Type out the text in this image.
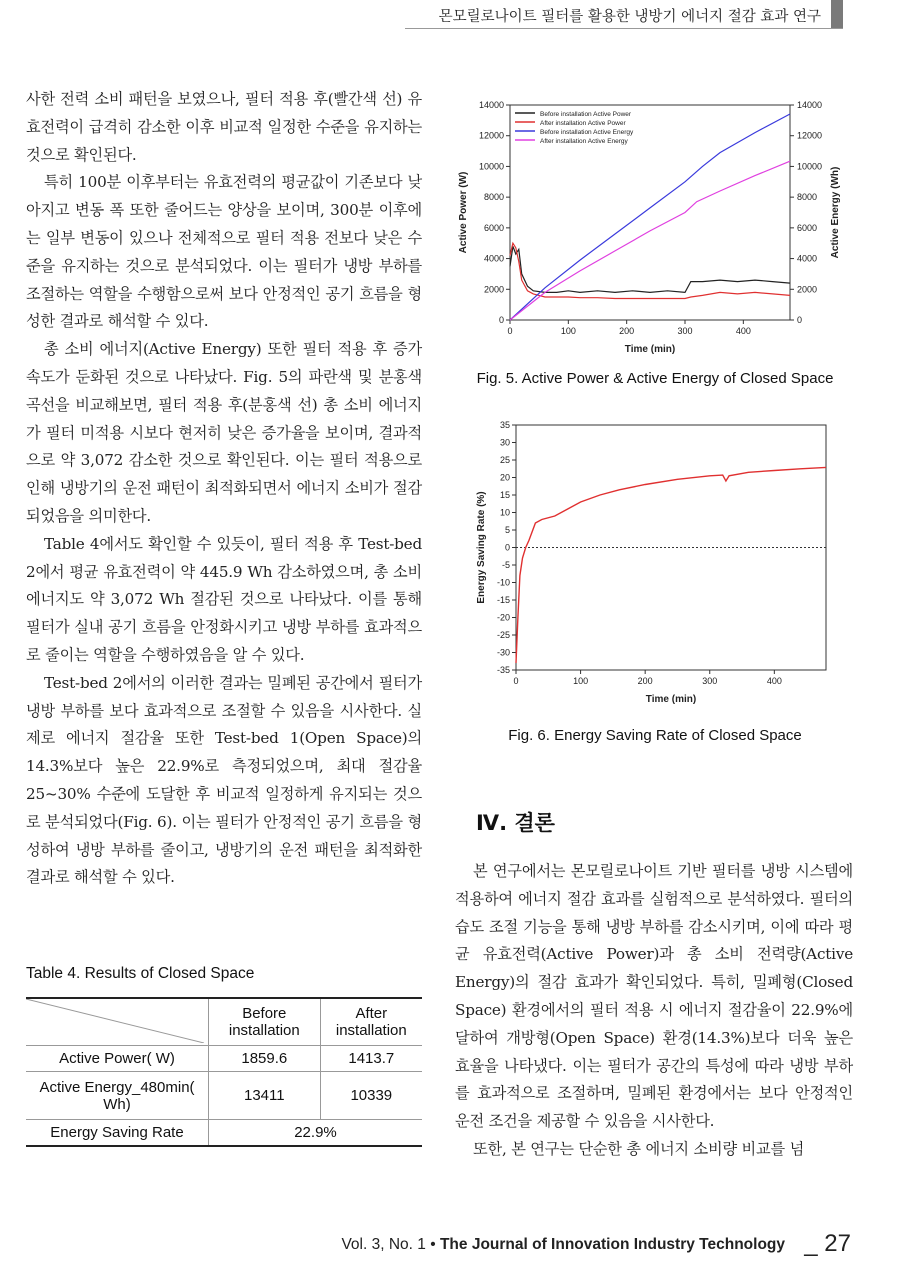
몬모릴로나이트 필터를 활용한 냉방기 에너지 절감 효과 연구

사한 전력 소비 패턴을 보였으나, 필터 적용 후(빨간색 선) 유효전력이 급격히 감소한 이후 비교적 일정한 수준을 유지하는 것으로 확인된다.

특히 100분 이후부터는 유효전력의 평균값이 기존보다 낮아지고 변동 폭 또한 줄어드는 양상을 보이며, 300분 이후에는 일부 변동이 있으나 전체적으로 필터 적용 전보다 낮은 수준을 유지하는 것으로 분석되었다. 이는 필터가 냉방 부하를 조절하는 역할을 수행함으로써 보다 안정적인 공기 흐름을 형성한 결과로 해석할 수 있다.

총 소비 에너지(Active Energy) 또한 필터 적용 후 증가 속도가 둔화된 것으로 나타났다. Fig. 5의 파란색 및 분홍색 곡선을 비교해보면, 필터 적용 후(분홍색 선) 총 소비 에너지가 필터 미적용 시보다 현저히 낮은 증가율을 보이며, 결과적으로 약 3,072 감소한 것으로 확인된다. 이는 필터 적용으로 인해 냉방기의 운전 패턴이 최적화되면서 에너지 소비가 절감되었음을 의미한다.

Table 4에서도 확인할 수 있듯이, 필터 적용 후 Test-bed 2에서 평균 유효전력이 약 445.9 Wh 감소하였으며, 총 소비 에너지도 약 3,072 Wh 절감된 것으로 나타났다. 이를 통해 필터가 실내 공기 흐름을 안정화시키고 냉방 부하를 효과적으로 줄이는 역할을 수행하였음을 알 수 있다.

Test-bed 2에서의 이러한 결과는 밀폐된 공간에서 필터가 냉방 부하를 보다 효과적으로 조절할 수 있음을 시사한다. 실제로 에너지 절감율 또한 Test-bed 1(Open Space)의 14.3%보다 높은 22.9%로 측정되었으며, 최대 절감율 25~30% 수준에 도달한 후 비교적 일정하게 유지되는 것으로 분석되었다(Fig. 6). 이는 필터가 안정적인 공기 흐름을 형성하여 냉방 부하를 줄이고, 냉방기의 운전 패턴을 최적화한 결과로 해석할 수 있다.

Table 4. Results of Closed Space
	Before installation	After installation
Active Power( W)	1859.6	1413.7
Active Energy_480min( Wh)	13411	10339
Energy Saving Rate	22.9%	
0	0
2000	2000
4000	4000
6000	6000
8000	8000
10000	10000
12000	12000
14000	14000
0	100	200	300	400
Time (min)
Active Power (W)	Active Energy (Wh)
Before installation Active Power
After installation Active Power
Before installation Active Energy
After installation Active Energy
Fig. 5. Active Power & Active Energy of Closed Space
-35
-30
-25
-20
-15
-10
-5
0
5
10
15
20
25
30
35
0	100	200	300	400
Time (min)
Energy Saving Rate (%)
Fig. 6. Energy Saving Rate of Closed Space
Ⅳ. 결론

본 연구에서는 몬모릴로나이트 기반 필터를 냉방 시스템에 적용하여 에너지 절감 효과를 실험적으로 분석하였다. 필터의 습도 조절 기능을 통해 냉방 부하를 감소시키며, 이에 따라 평균 유효전력(Active Power)과 총 소비 전력량(Active Energy)의 절감 효과가 확인되었다. 특히, 밀폐형(Closed Space) 환경에서의 필터 적용 시 에너지 절감율이 22.9%에 달하여 개방형(Open Space) 환경(14.3%)보다 더욱 높은 효율을 나타냈다. 이는 필터가 공간의 특성에 따라 냉방 부하를 효과적으로 조절하며, 밀폐된 환경에서는 보다 안정적인 운전 조건을 제공할 수 있음을 시사한다.

또한, 본 연구는 단순한 총 에너지 소비량 비교를 넘

Vol. 3, No. 1 • The Journal of Innovation Industry Technology _ 27
